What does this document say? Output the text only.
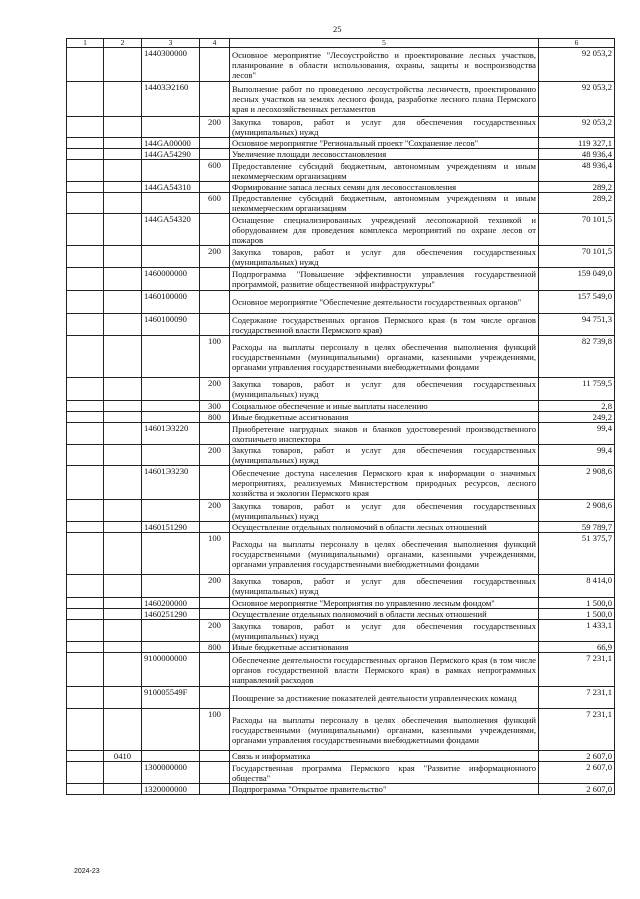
25
1	2	3	4	5	6
		1440300000		Основное мероприятие "Лесоустройство и проектирование лесных участков, планирование в области использования, охраны, защиты и воспроизводства лесов"	92 053,2
		14403Э2160		Выполнение работ по проведению лесоустройства лесничеств, проектированию лесных участков на землях лесного фонда, разработке лесного плана Пермского края и лесохозяйственных регламентов	92 053,2
			200	Закупка товаров, работ и услуг для обеспечения государственных (муниципальных) нужд	92 053,2
		144GA00000		Основное мероприятие "Региональный проект "Сохранение лесов"	119 327,1
		144GA54290		Увеличение площади лесовосстановления	48 936,4
			600	Предоставление субсидий бюджетным, автономным учреждениям и иным некоммерческим организациям	48 936,4
		144GA54310		Формирование запаса лесных семян для лесовосстановления	289,2
			600	Предоставление субсидий бюджетным, автономным учреждениям и иным некоммерческим организациям	289,2
		144GA54320		Оснащение специализированных учреждений лесопожарной техникой и оборудованием для проведения комплекса мероприятий по охране лесов от пожаров	70 101,5
			200	Закупка товаров, работ и услуг для обеспечения государственных (муниципальных) нужд	70 101,5
		1460000000		Подпрограмма "Повышение эффективности управления государственной программой, развитие общественной инфраструктуры"	159 049,0
		1460100000		Основное мероприятие "Обеспечение деятельности государственных органов"	157 549,0
		1460100090		Содержание государственных органов Пермского края (в том числе органов государственной власти Пермского края)	94 751,3
			100	Расходы на выплаты персоналу в целях обеспечения выполнения функций государственными (муниципальными) органами, казенными учреждениями, органами управления государственными внебюджетными фондами	82 739,8
			200	Закупка товаров, работ и услуг для обеспечения государственных (муниципальных) нужд	11 759,5
			300	Социальное обеспечение и иные выплаты населению	2,8
			800	Иные бюджетные ассигнования	249,2
		14601Э3220		Приобретение нагрудных знаков и бланков удостоверений производственного охотничьего инспектора	99,4
			200	Закупка товаров, работ и услуг для обеспечения государственных (муниципальных) нужд	99,4
		14601Э3230		Обеспечение доступа населения Пермского края к информации о значимых мероприятиях, реализуемых Министерством природных ресурсов, лесного хозяйства и экологии Пермского края	2 908,6
			200	Закупка товаров, работ и услуг для обеспечения государственных (муниципальных) нужд	2 908,6
		1460151290		Осуществление отдельных полномочий в области лесных отношений	59 789,7
			100	Расходы на выплаты персоналу в целях обеспечения выполнения функций государственными (муниципальными) органами, казенными учреждениями, органами управления государственными внебюджетными фондами	51 375,7
			200	Закупка товаров, работ и услуг для обеспечения государственных (муниципальных) нужд	8 414,0
		1460200000		Основное мероприятие "Мероприятия по управлению лесным фондом"	1 500,0
		1460251290		Осуществление отдельных полномочий в области лесных отношений	1 500,0
			200	Закупка товаров, работ и услуг для обеспечения государственных (муниципальных) нужд	1 433,1
			800	Иные бюджетные ассигнования	66,9
		9100000000		Обеспечение деятельности государственных органов Пермского края (в том числе органов государственной власти Пермского края) в рамках непрограммных направлений расходов	7 231,1
		910005549F		Поощрение за достижение показателей деятельности управленческих команд	7 231,1
			100	Расходы на выплаты персоналу в целях обеспечения выполнения функций государственными (муниципальными) органами, казенными учреждениями, органами управления государственными внебюджетными фондами	7 231,1
	0410			Связь и информатика	2 607,0
		1300000000		Государственная программа Пермского края "Развитие информационного общества"	2 607,0
		1320000000		Подпрограмма "Открытое правительство"	2 607,0
2024-23
